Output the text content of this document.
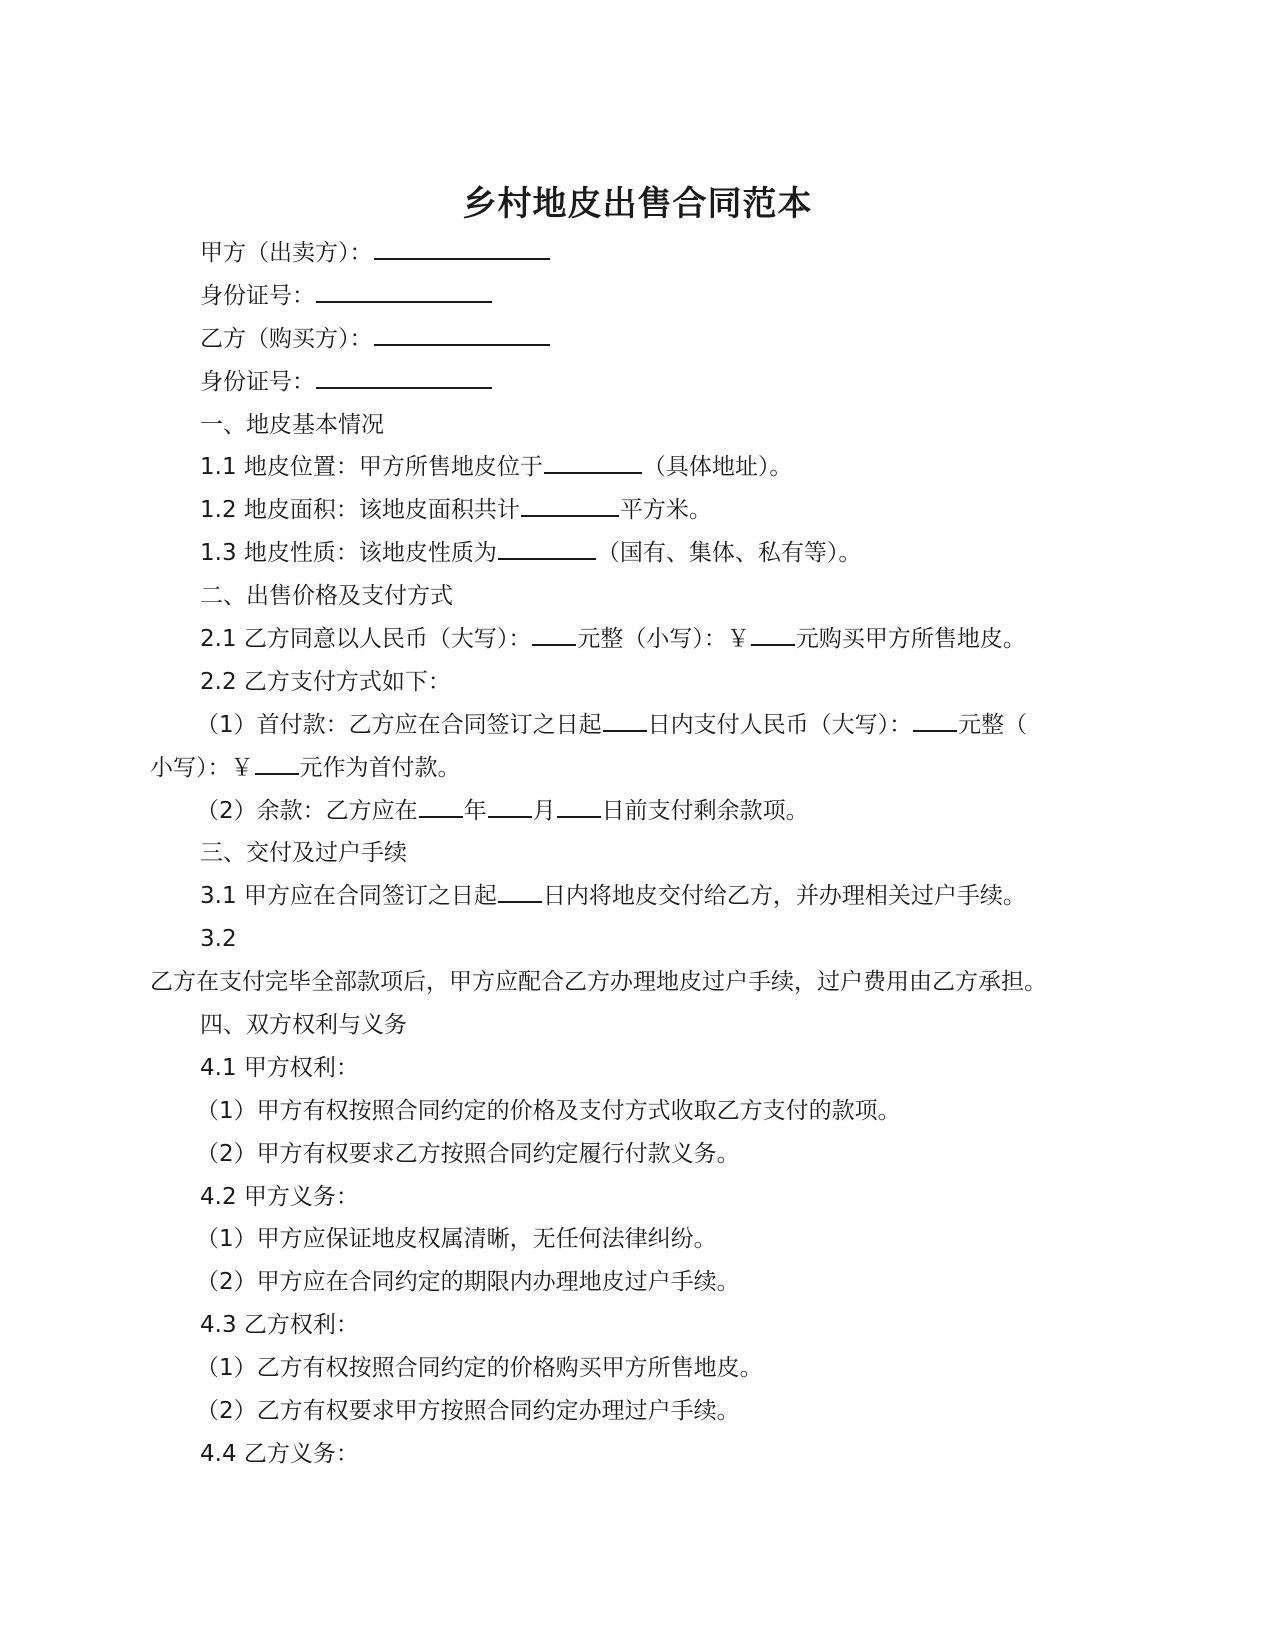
乡村地皮出售合同范本
甲方（出卖方）：
身份证号：
乙方（购买方）：
身份证号：
一、地皮基本情况
1.1 地皮位置：甲方所售地皮位于	（具体地址）。
1.2 地皮面积：该地皮面积共计	平方米。
1.3 地皮性质：该地皮性质为	（国有、集体、私有等）。
二、出售价格及支付方式
2.1 乙方同意以人民币（大写）： 元整（小写）：￥ 元购买甲方所售地皮。
2.2 乙方支付方式如下：
（1）首付款：乙方应在合同签订之日起 日内支付人民币（大写）： 元整（
小写）：￥ 元作为首付款。
（2）余款：乙方应在 年 月 日前支付剩余款项。
三、交付及过户手续
3.1 甲方应在合同签订之日起 日内将地皮交付给乙方，并办理相关过户手续。
3.2
乙方在支付完毕全部款项后，甲方应配合乙方办理地皮过户手续，过户费用由乙方承担。
四、双方权利与义务
4.1 甲方权利：
（1）甲方有权按照合同约定的价格及支付方式收取乙方支付的款项。
（2）甲方有权要求乙方按照合同约定履行付款义务。
4.2 甲方义务：
（1）甲方应保证地皮权属清晰，无任何法律纠纷。
（2）甲方应在合同约定的期限内办理地皮过户手续。
4.3 乙方权利：
（1）乙方有权按照合同约定的价格购买甲方所售地皮。
（2）乙方有权要求甲方按照合同约定办理过户手续。
4.4 乙方义务：
